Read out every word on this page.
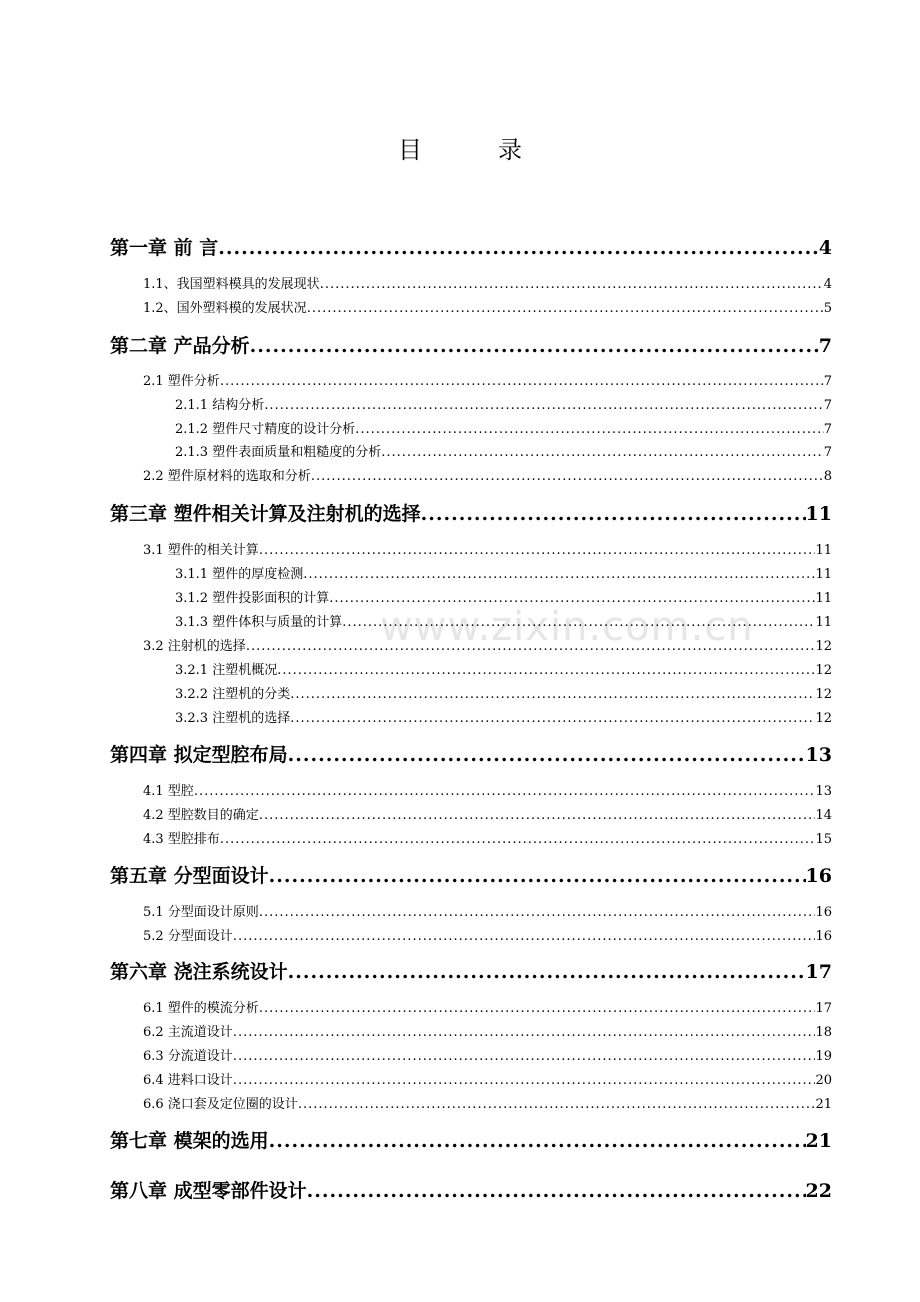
www.zixin.com.cn
目　录
第一章 前 言 .....	4
1.1、我国塑料模具的发展现状 .....	4
1.2、国外塑料模的发展状况 .....	5
第二章 产品分析 .....	7
2.1 塑件分析 .....	7
2.1.1 结构分析 .....	7
2.1.2 塑件尺寸精度的设计分析 .....	7
2.1.3 塑件表面质量和粗糙度的分析 .....	7
2.2 塑件原材料的选取和分析 .....	8
第三章 塑件相关计算及注射机的选择 .....	11
3.1 塑件的相关计算 .....	11
3.1.1 塑件的厚度检测 .....	11
3.1.2 塑件投影面积的计算 .....	11
3.1.3 塑件体积与质量的计算 .....	11
3.2 注射机的选择 .....	12
3.2.1 注塑机概况 .....	12
3.2.2 注塑机的分类 .....	12
3.2.3 注塑机的选择 .....	12
第四章 拟定型腔布局 .....	13
4.1 型腔 .....	13
4.2 型腔数目的确定 .....	14
4.3 型腔排布 .....	15
第五章 分型面设计 .....	16
5.1 分型面设计原则 .....	16
5.2 分型面设计 .....	16
第六章 浇注系统设计 .....	17
6.1 塑件的模流分析 .....	17
6.2 主流道设计 .....	18
6.3 分流道设计 .....	19
6.4 进料口设计 .....	20
6.6 浇口套及定位圈的设计 .....	21
第七章 模架的选用 .....	21
第八章 成型零部件设计 .....	22
